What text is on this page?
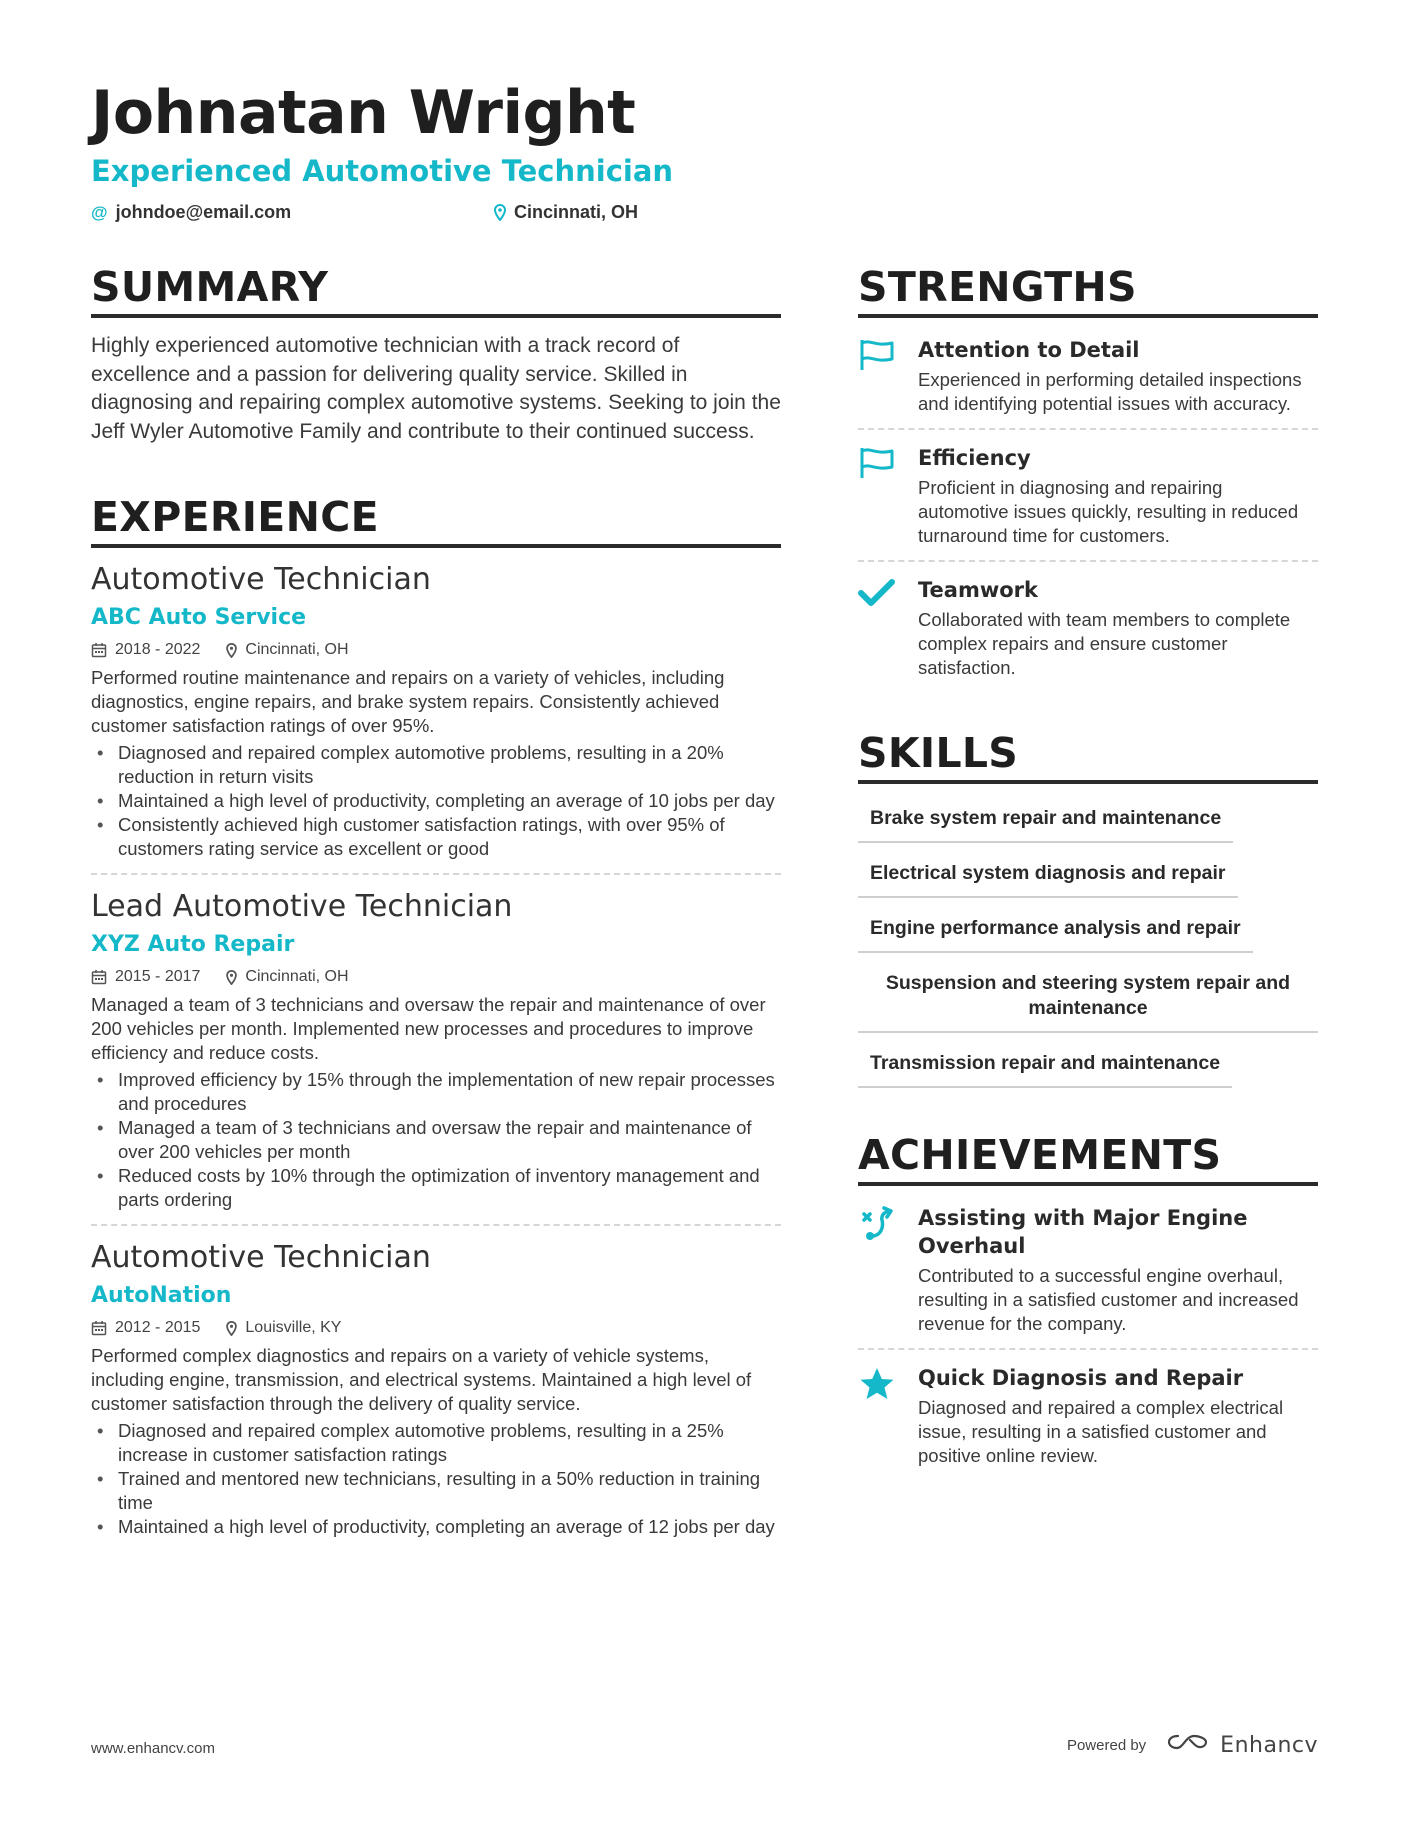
Johnatan Wright
Experienced Automotive Technician
@ johndoe@email.com	Cincinnati, OH
SUMMARY

Highly experienced automotive technician with a track record of excellence and a passion for delivering quality service. Skilled in diagnosing and repairing complex automotive systems. Seeking to join the Jeff Wyler Automotive Family and contribute to their continued success.

EXPERIENCE
Automotive Technician
ABC Auto Service
2018 - 2022	Cincinnati, OH

Performed routine maintenance and repairs on a variety of vehicles, including diagnostics, engine repairs, and brake system repairs. Consistently achieved customer satisfaction ratings of over 95%.

• Diagnosed and repaired complex automotive problems, resulting in a 20% reduction in return visits
• Maintained a high level of productivity, completing an average of 10 jobs per day
• Consistently achieved high customer satisfaction ratings, with over 95% of customers rating service as excellent or good
Lead Automotive Technician
XYZ Auto Repair
2015 - 2017	Cincinnati, OH

Managed a team of 3 technicians and oversaw the repair and maintenance of over 200 vehicles per month. Implemented new processes and procedures to improve efficiency and reduce costs.

• Improved efficiency by 15% through the implementation of new repair processes and procedures
• Managed a team of 3 technicians and oversaw the repair and maintenance of over 200 vehicles per month
• Reduced costs by 10% through the optimization of inventory management and parts ordering
Automotive Technician
AutoNation
2012 - 2015	Louisville, KY

Performed complex diagnostics and repairs on a variety of vehicle systems, including engine, transmission, and electrical systems. Maintained a high level of customer satisfaction through the delivery of quality service.

• Diagnosed and repaired complex automotive problems, resulting in a 25% increase in customer satisfaction ratings
• Trained and mentored new technicians, resulting in a 50% reduction in training time
• Maintained a high level of productivity, completing an average of 12 jobs per day
STRENGTHS
Attention to Detail
Experienced in performing detailed inspections and identifying potential issues with accuracy.
Efficiency
Proficient in diagnosing and repairing automotive issues quickly, resulting in reduced turnaround time for customers.
Teamwork
Collaborated with team members to complete complex repairs and ensure customer satisfaction.
SKILLS
Brake system repair and maintenance
Electrical system diagnosis and repair
Engine performance analysis and repair
Suspension and steering system repair and maintenance
Transmission repair and maintenance
ACHIEVEMENTS
Assisting with Major Engine Overhaul
Contributed to a successful engine overhaul, resulting in a satisfied customer and increased revenue for the company.
Quick Diagnosis and Repair
Diagnosed and repaired a complex electrical issue, resulting in a satisfied customer and positive online review.
www.enhancv.com	Powered by	Enhancv
